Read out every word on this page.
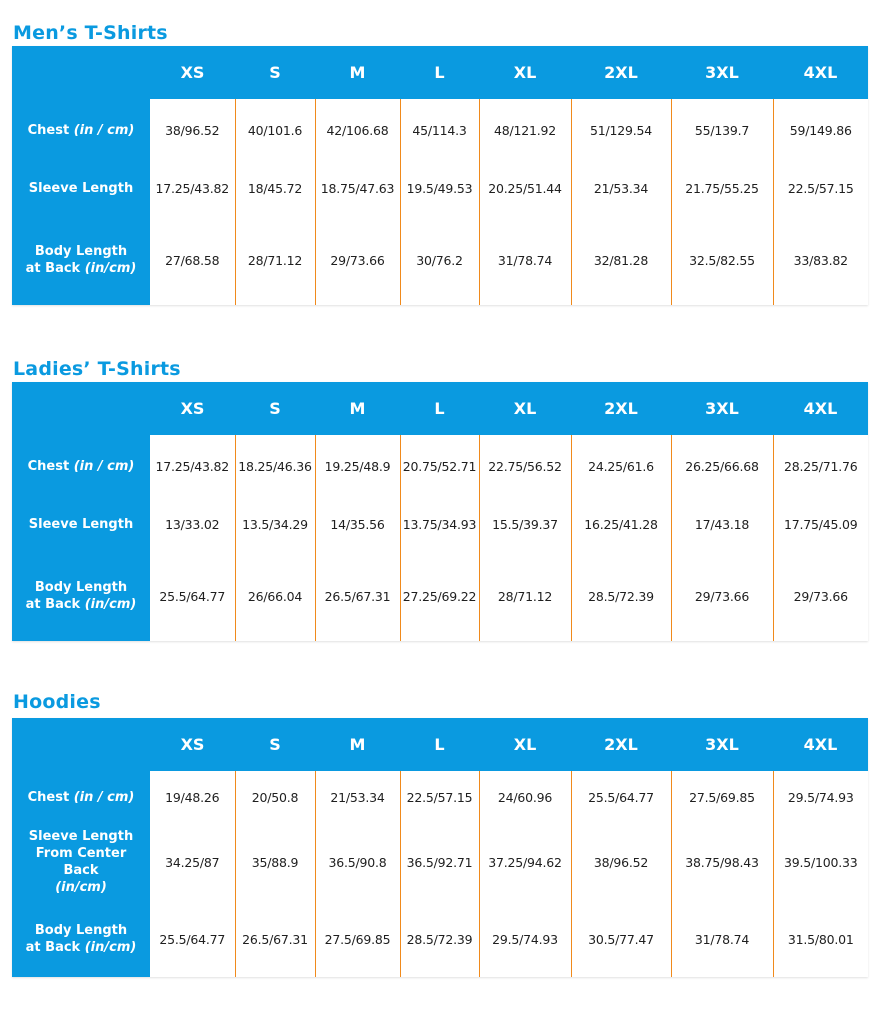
Men’s T-Shirts
	XS	S	M	L	XL	2XL	3XL	4XL
Chest (in / cm)	38/96.52	40/101.6	42/106.68	45/114.3	48/121.92	51/129.54	55/139.7	59/149.86
Sleeve Length	17.25/43.82	18/45.72	18.75/47.63	19.5/49.53	20.25/51.44	21/53.34	21.75/55.25	22.5/57.15

Body Length
at Back (in/cm)	27/68.58	28/71.12	29/73.66	30/76.2	31/78.74	32/81.28	32.5/82.55	33/83.82
Ladies’ T-Shirts
	XS	S	M	L	XL	2XL	3XL	4XL
Chest (in / cm)	17.25/43.82	18.25/46.36	19.25/48.9	20.75/52.71	22.75/56.52	24.25/61.6	26.25/66.68	28.25/71.76
Sleeve Length	13/33.02	13.5/34.29	14/35.56	13.75/34.93	15.5/39.37	16.25/41.28	17/43.18	17.75/45.09

Body Length
at Back (in/cm)	25.5/64.77	26/66.04	26.5/67.31	27.25/69.22	28/71.12	28.5/72.39	29/73.66	29/73.66
Hoodies
	XS	S	M	L	XL	2XL	3XL	4XL
Chest (in / cm)	19/48.26	20/50.8	21/53.34	22.5/57.15	24/60.96	25.5/64.77	27.5/69.85	29.5/74.93

Sleeve Length
From Center Back
(in/cm)	34.25/87	35/88.9	36.5/90.8	36.5/92.71	37.25/94.62	38/96.52	38.75/98.43	39.5/100.33

Body Length
at Back (in/cm)	25.5/64.77	26.5/67.31	27.5/69.85	28.5/72.39	29.5/74.93	30.5/77.47	31/78.74	31.5/80.01
